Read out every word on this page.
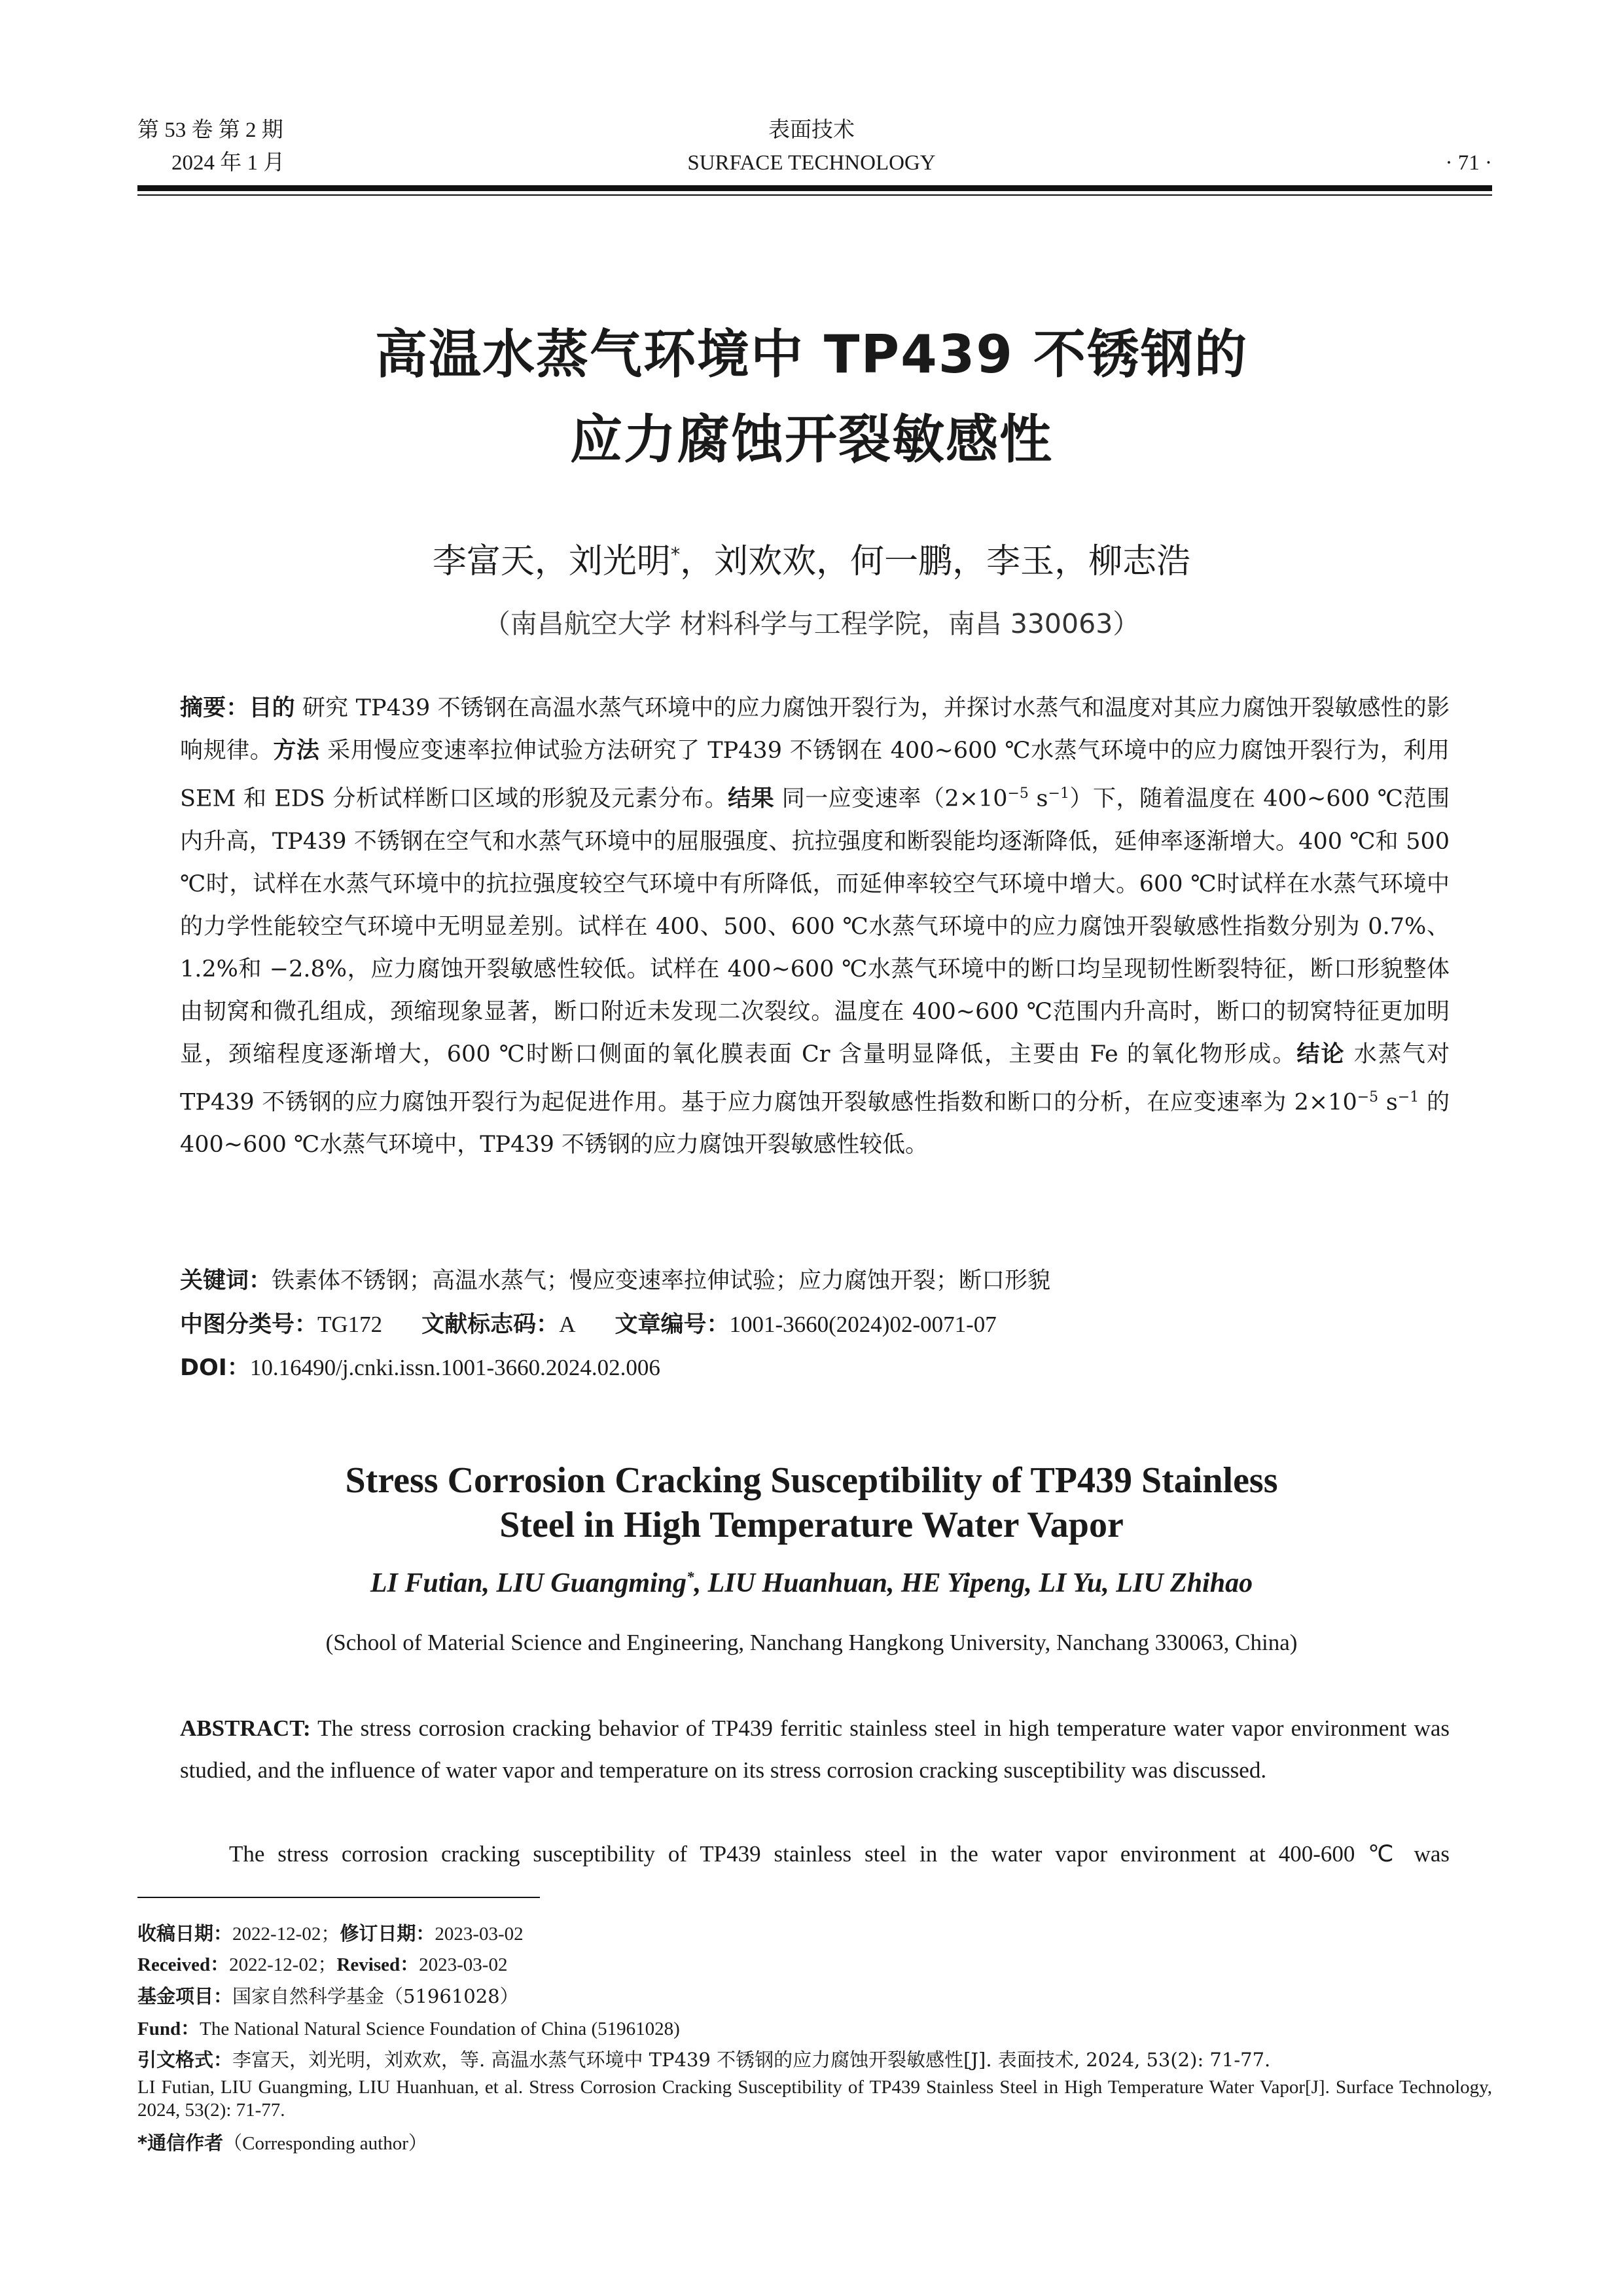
第 53 卷 第 2 期
2024 年 1 月
表面技术
SURFACE TECHNOLOGY	· 71 ·
高温水蒸气环境中 TP439 不锈钢的
应力腐蚀开裂敏感性
李富天，刘光明*，刘欢欢，何一鹏，李玉，柳志浩
（南昌航空大学 材料科学与工程学院，南昌 330063）
摘要：目的 研究 TP439 不锈钢在高温水蒸气环境中的应力腐蚀开裂行为，并探讨水蒸气和温度对其应力腐蚀开裂敏感性的影响规律。方法 采用慢应变速率拉伸试验方法研究了 TP439 不锈钢在 400~600 ℃水蒸气环境中的应力腐蚀开裂行为，利用 SEM 和 EDS 分析试样断口区域的形貌及元素分布。结果 同一应变速率（$2\times 10^{-5}$ $s^{-1}$）下，随着温度在 400~600 ℃范围内升高，TP439 不锈钢在空气和水蒸气环境中的屈服强度、抗拉强度和断裂能均逐渐降低，延伸率逐渐增大。400 ℃和 500 ℃时，试样在水蒸气环境中的抗拉强度较空气环境中有所降低，而延伸率较空气环境中增大。600 ℃时试样在水蒸气环境中的力学性能较空气环境中无明显差别。试样在 400、500、600 ℃水蒸气环境中的应力腐蚀开裂敏感性指数分别为 0.7%、1.2%和 −2.8%，应力腐蚀开裂敏感性较低。试样在 400~600 ℃水蒸气环境中的断口均呈现韧性断裂特征，断口形貌整体由韧窝和微孔组成，颈缩现象显著，断口附近未发现二次裂纹。温度在 400~600 ℃范围内升高时，断口的韧窝特征更加明显，颈缩程度逐渐增大，600 ℃时断口侧面的氧化膜表面 Cr 含量明显降低，主要由 Fe 的氧化物形成。结论 水蒸气对 TP439 不锈钢的应力腐蚀开裂行为起促进作用。基于应力腐蚀开裂敏感性指数和断口的分析，在应变速率为 $2\times 10^{-5}$ $s^{-1}$ 的 400~600 ℃水蒸气环境中，TP439 不锈钢的应力腐蚀开裂敏感性较低。
关键词：铁素体不锈钢；高温水蒸气；慢应变速率拉伸试验；应力腐蚀开裂；断口形貌
中图分类号：TG172 文献标志码：A 文章编号：1001-3660(2024)02-0071-07
DOI：10.16490/j.cnki.issn.1001-3660.2024.02.006
Stress Corrosion Cracking Susceptibility of TP439 Stainless
Steel in High Temperature Water Vapor
LI Futian, LIU Guangming*, LIU Huanhuan, HE Yipeng, LI Yu, LIU Zhihao
(School of Material Science and Engineering, Nanchang Hangkong University, Nanchang 330063, China)
ABSTRACT: The stress corrosion cracking behavior of TP439 ferritic stainless steel in high temperature water vapor environment was studied, and the influence of water vapor and temperature on its stress corrosion cracking susceptibility was discussed.
The stress corrosion cracking susceptibility of TP439 stainless steel in the water vapor environment at 400-600 ℃ was
收稿日期：2022-12-02；修订日期：2023-03-02
Received：2022-12-02；Revised：2023-03-02
基金项目：国家自然科学基金（51961028）
Fund：The National Natural Science Foundation of China (51961028)
引文格式：李富天，刘光明，刘欢欢，等. 高温水蒸气环境中 TP439 不锈钢的应力腐蚀开裂敏感性[J]. 表面技术, 2024, 53(2): 71-77.
LI Futian, LIU Guangming, LIU Huanhuan, et al. Stress Corrosion Cracking Susceptibility of TP439 Stainless Steel in High Temperature Water Vapor[J]. Surface Technology, 2024, 53(2): 71-77.
*通信作者（Corresponding author）
